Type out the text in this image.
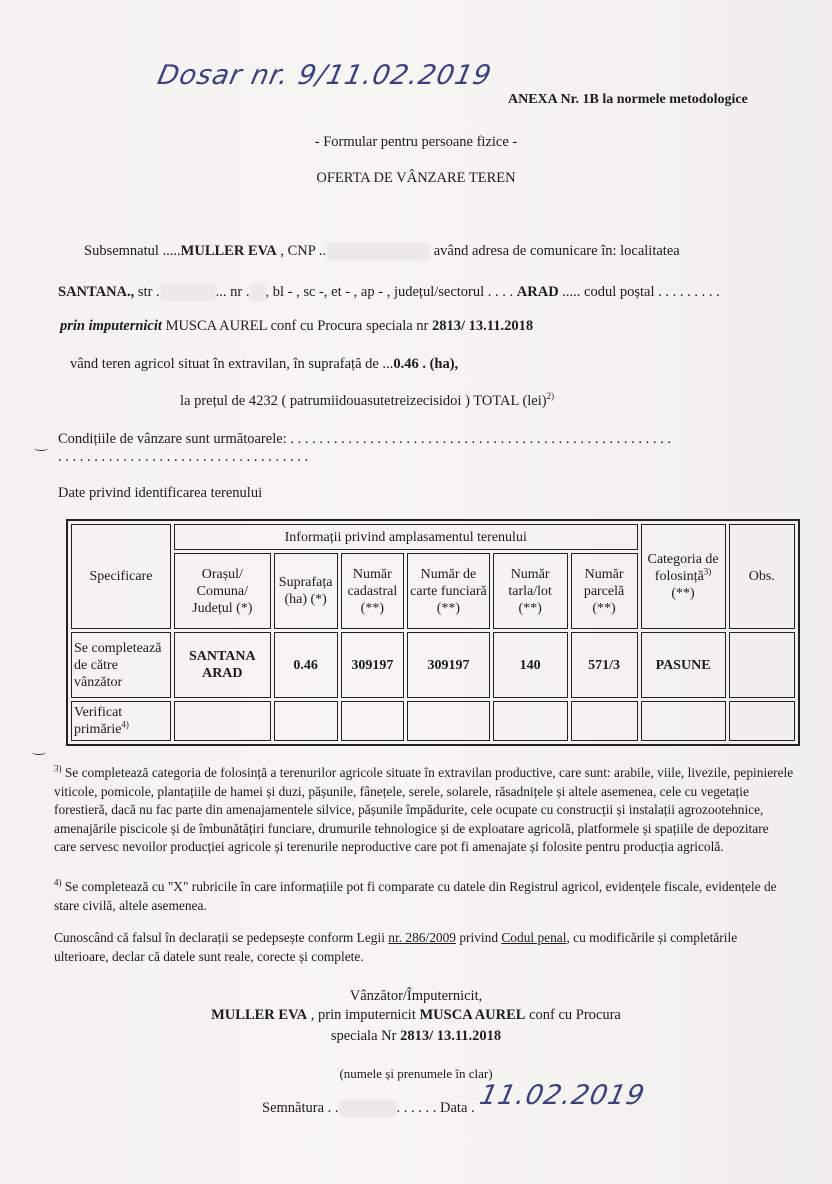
Dosar nr. 9/11.02.2019
ANEXA Nr. 1B la normele metodologice
- Formular pentru persoane fizice -
OFERTA DE VÂNZARE TEREN
Subsemnatul .....MULLER EVA , CNP ..	având adresa de comunicare în: localitatea
SANTANA., str .	... nr . , bl - , sc -, et - , ap - , județul/sectorul . . . . ARAD ..... codul poștal . . . . . . . . .
prin imputernicit MUSCA AUREL conf cu Procura speciala nr 2813/ 13.11.2018
vând teren agricol situat în extravilan, în suprafață de ...0.46 . (ha),
la prețul de 4232 ( patrumiidouasutetreizecisidoi ) TOTAL (lei)$^{2)}$
Condițiile de vânzare sunt următoarele: . . . . . . . . . . . . . . . . . . . . . . . . . . . . . . . . . . . . . . . . . . . . . . . . . . . . .
. . . . . . . . . . . . . . . . . . . . . . . . . . . . . . . . . . .
Date privind identificarea terenului
Specificare	Informații privind amplasamentul terenului						Categoria de folosință$^{3)}$ (**)	Obs.
	Orașul/ Comuna/ Județul (*)	Suprafața (ha) (*)	Număr cadastral (**)	Număr de carte funciară (**)	Număr tarla/lot (**)	Număr parcelă (**)		
Se completează de către vânzător	SANTANA ARAD	0.46	309197	309197	140	571/3	PASUNE	
Verificat primărie$^{4)}$								
$^{3)}$ Se completează categoria de folosință a terenurilor agricole situate în extravilan productive, care sunt: arabile, viile, livezile, pepinierele viticole, pomicole, plantațiile de hamei și duzi, pășunile, fânețele, serele, solarele, răsadnițele și altele asemenea, cele cu vegetație forestieră, dacă nu fac parte din amenajamentele silvice, pășunile împădurite, cele ocupate cu construcții și instalații agrozootehnice, amenajările piscicole și de îmbunătățiri funciare, drumurile tehnologice și de exploatare agricolă, platformele și spațiile de depozitare care servesc nevoilor producției agricole și terenurile neproductive care pot fi amenajate și folosite pentru producția agricolă.
$^{4)}$ Se completează cu "X" rubricile în care informațiile pot fi comparate cu datele din Registrul agricol, evidențele fiscale, evidențele de stare civilă, altele asemenea.
Cunoscând că falsul în declarații se pedepsește conform Legii nr. 286/2009 privind Codul penal, cu modificările și completările ulterioare, declar că datele sunt reale, corecte și complete.
Vânzător/Împuternicit,
MULLER EVA , prin imputernicit MUSCA AUREL conf cu Procura
speciala Nr 2813/ 13.11.2018
(numele și prenumele în clar)
Semnătura . .	. . . . . . Data . 11.02.2019
